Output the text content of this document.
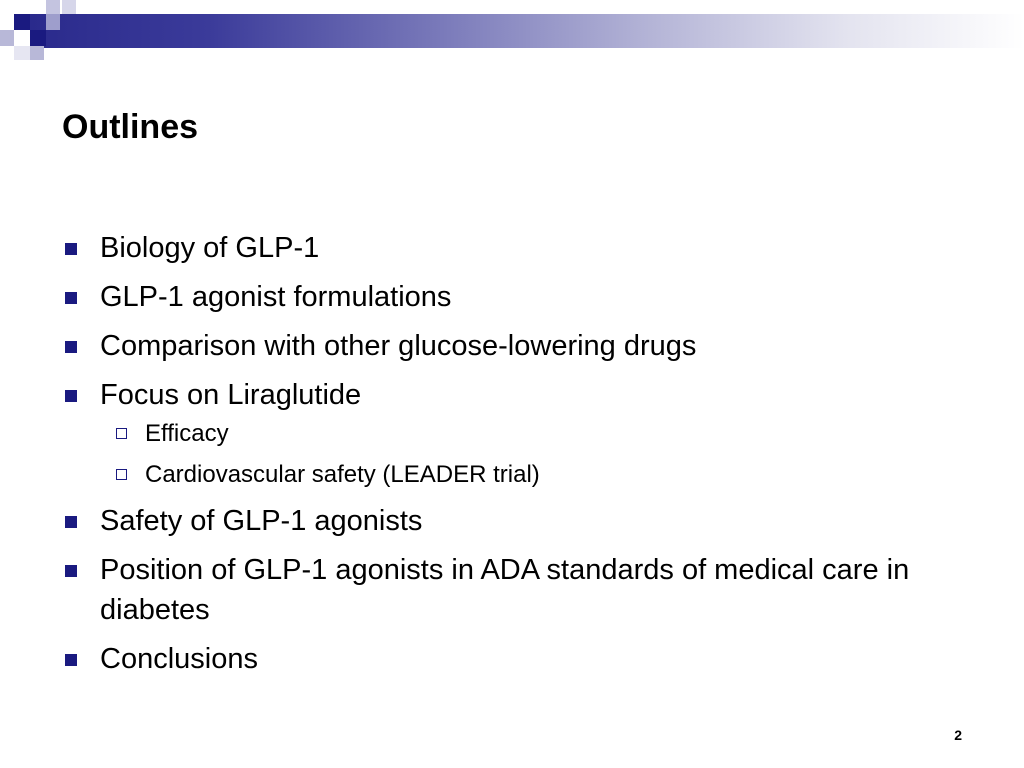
Outlines
Biology of GLP-1
GLP-1 agonist formulations
Comparison with other glucose-lowering drugs
Focus on Liraglutide
Efficacy
Cardiovascular safety (LEADER trial)
Safety of GLP-1 agonists
Position of GLP-1 agonists in ADA standards of medical care in diabetes
Conclusions
2
